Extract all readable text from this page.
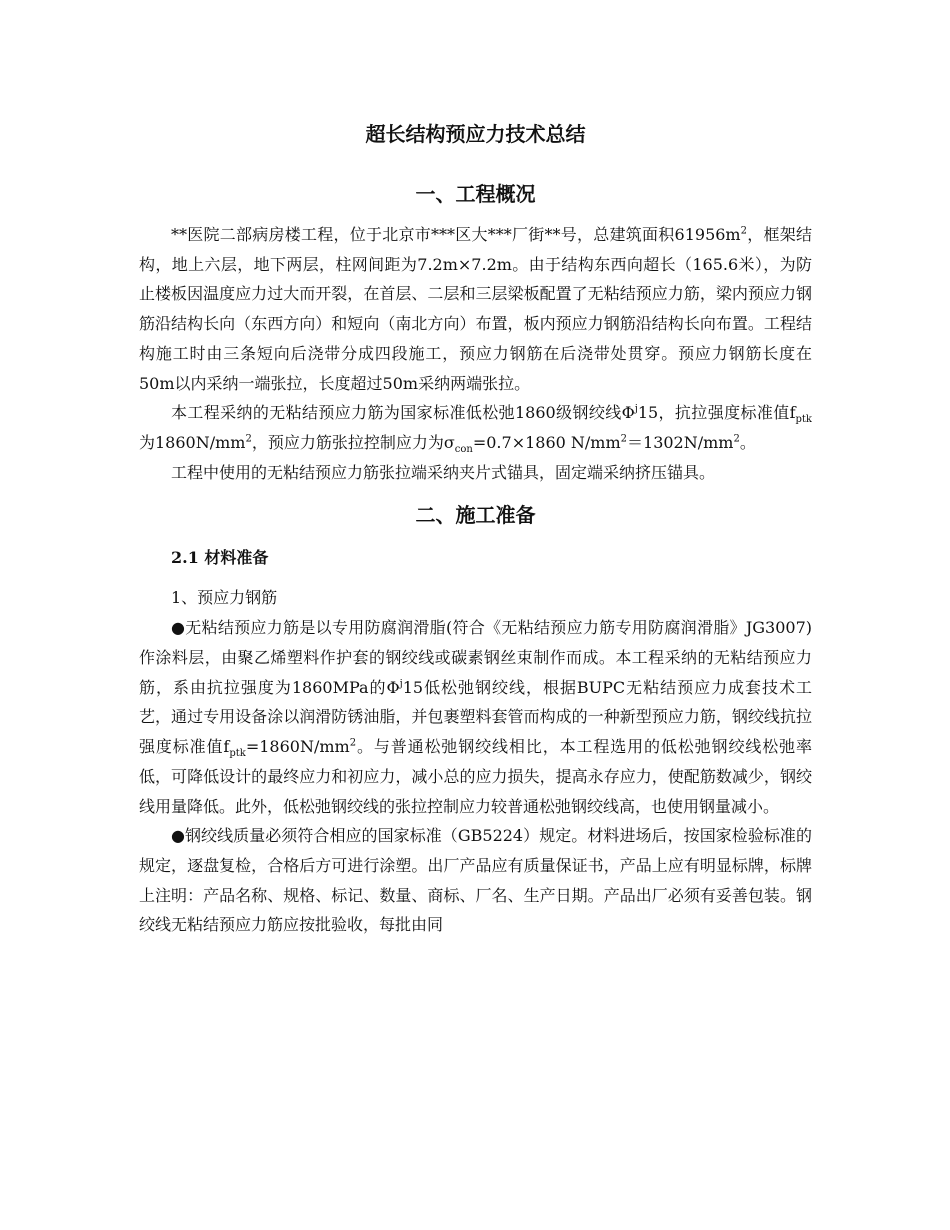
超长结构预应力技术总结
一、工程概况

**医院二部病房楼工程，位于北京市***区大***厂街**号，总建筑面积$61956m^2$，框架结构，地上六层，地下两层，柱网间距为7.2m×7.2m。由于结构东西向超长（165.6米），为防止楼板因温度应力过大而开裂，在首层、二层和三层梁板配置了无粘结预应力筋，梁内预应力钢筋沿结构长向（东西方向）和短向（南北方向）布置，板内预应力钢筋沿结构长向布置。工程结构施工时由三条短向后浇带分成四段施工，预应力钢筋在后浇带处贯穿。预应力钢筋长度在50m以内采纳一端张拉，长度超过50m采纳两端张拉。

本工程采纳的无粘结预应力筋为国家标准低松弛1860级钢绞线$\Phi^j15$，抗拉强度标准值$f_{ptk}$为$1860N/mm^2$，预应力筋张拉控制应力为$\sigma_{con}=0.7\times 1860$ $N/mm^2=1302N/mm^2$。

工程中使用的无粘结预应力筋张拉端采纳夹片式锚具，固定端采纳挤压锚具。

二、施工准备
2.1 材料准备
1、预应力钢筋

●无粘结预应力筋是以专用防腐润滑脂(符合《无粘结预应力筋专用防腐润滑脂》JG3007)作涂料层，由聚乙烯塑料作护套的钢绞线或碳素钢丝束制作而成。本工程采纳的无粘结预应力筋，系由抗拉强度为1860MPa的$\Phi^j15$低松弛钢绞线，根据BUPC无粘结预应力成套技术工艺，通过专用设备涂以润滑防锈油脂，并包裹塑料套管而构成的一种新型预应力筋，钢绞线抗拉强度标准值$f_{ptk}=1860N/mm^2$。与普通松弛钢绞线相比，本工程选用的低松弛钢绞线松弛率低，可降低设计的最终应力和初应力，减小总的应力损失，提高永存应力，使配筋数减少，钢绞线用量降低。此外，低松弛钢绞线的张拉控制应力较普通松弛钢绞线高，也使用钢量减小。

●钢绞线质量必须符合相应的国家标准（GB5224）规定。材料进场后，按国家检验标准的规定，逐盘复检，合格后方可进行涂塑。出厂产品应有质量保证书，产品上应有明显标牌，标牌上注明：产品名称、规格、标记、数量、商标、厂名、生产日期。产品出厂必须有妥善包装。钢绞线无粘结预应力筋应按批验收，每批由同
